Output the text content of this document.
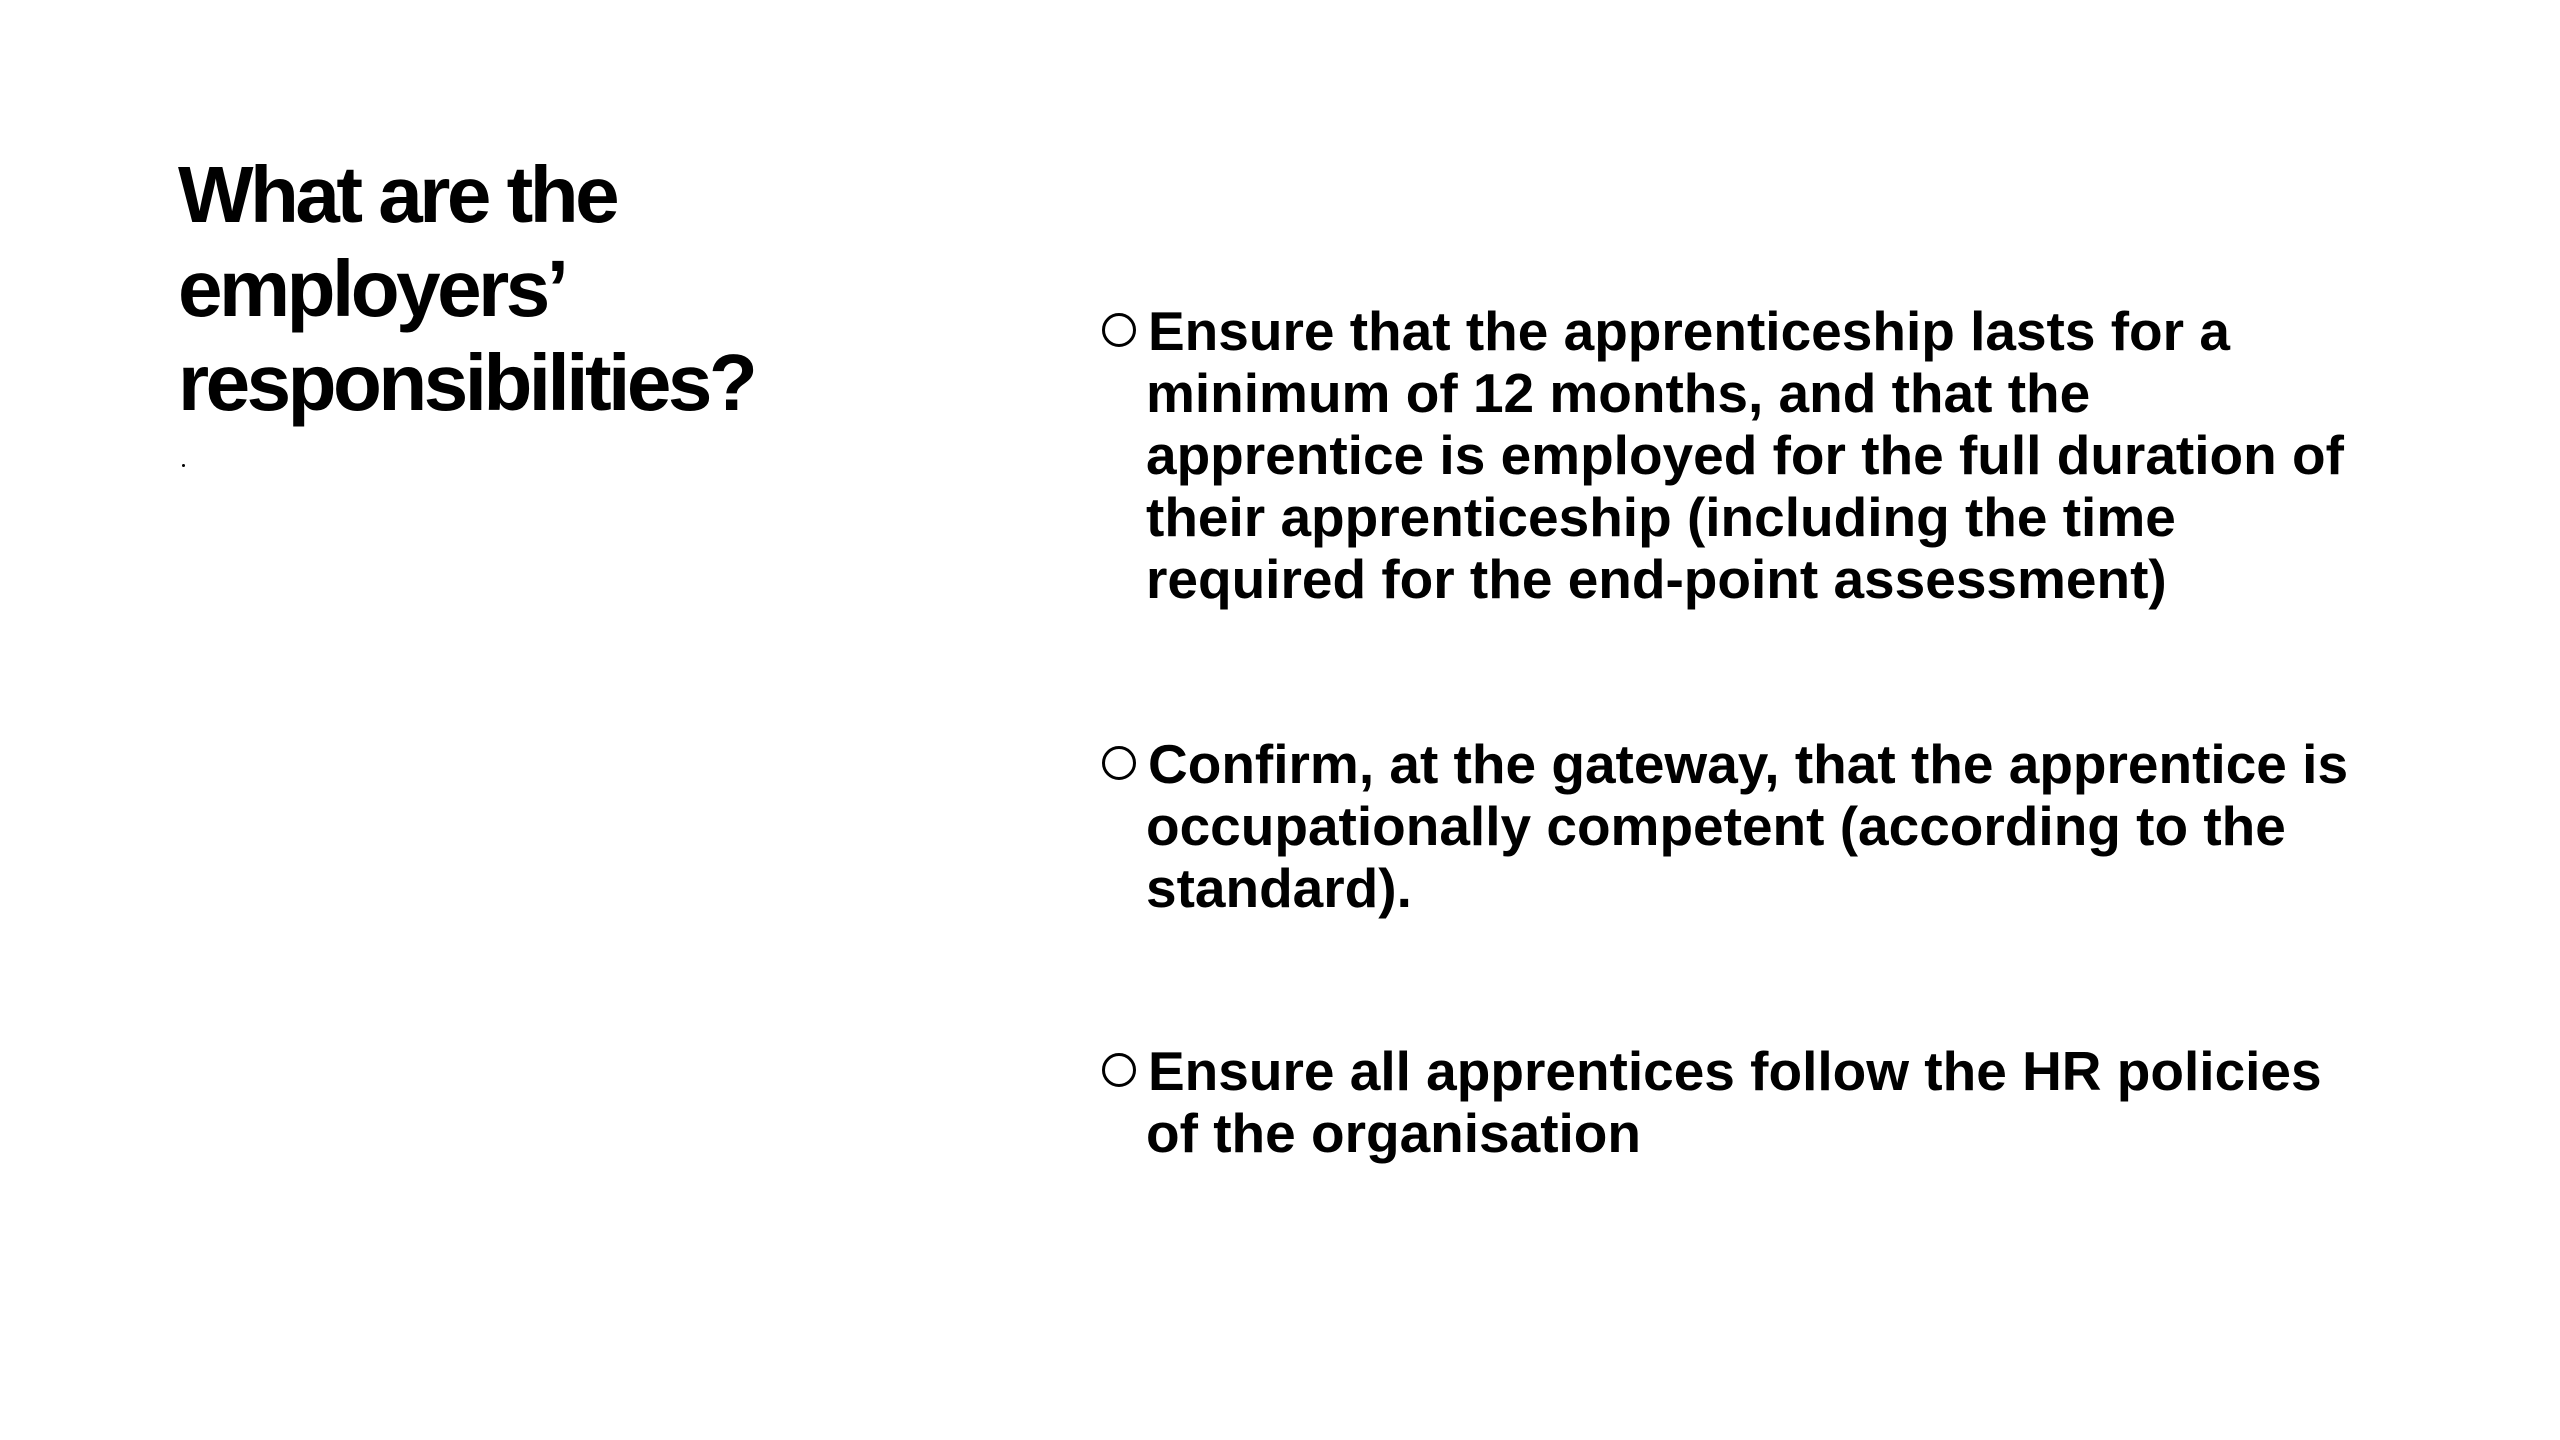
What are the
employers’
responsibilities?
Ensure that the apprenticeship lasts for a
minimum of 12 months, and that the
apprentice is employed for the full duration of
their apprenticeship (including the time
required for the end-point assessment)
Confirm, at the gateway, that the apprentice is
occupationally competent (according to the
standard).
Ensure all apprentices follow the HR policies
of the organisation
